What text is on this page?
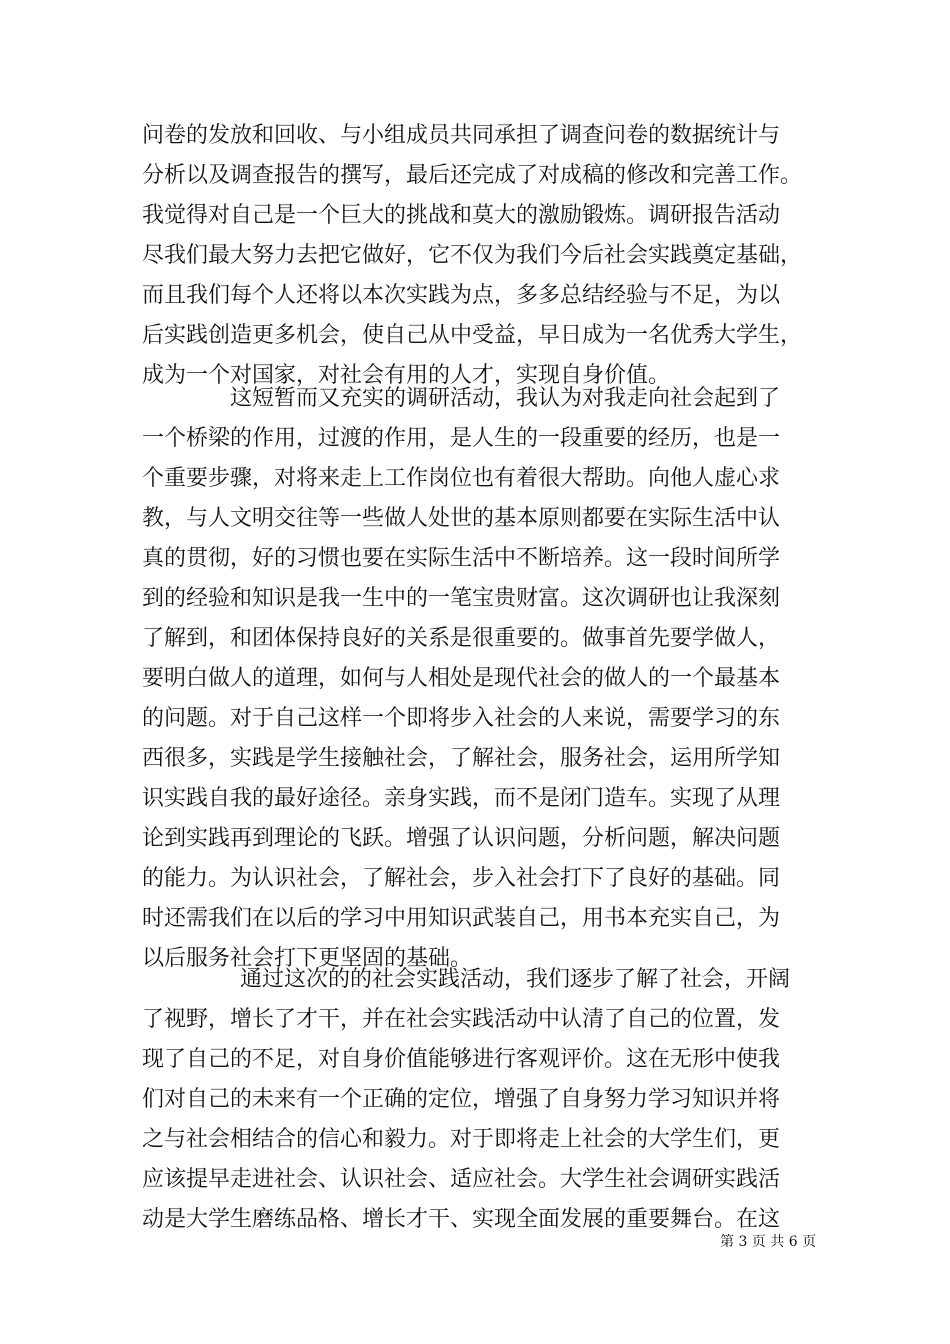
问卷的发放和回收、与小组成员共同承担了调查问卷的数据统计与
分析以及调查报告的撰写，最后还完成了对成稿的修改和完善工作。
我觉得对自己是一个巨大的挑战和莫大的激励锻炼。调研报告活动
尽我们最大努力去把它做好，它不仅为我们今后社会实践奠定基础，
而且我们每个人还将以本次实践为点，多多总结经验与不足，为以
后实践创造更多机会，使自己从中受益，早日成为一名优秀大学生，
成为一个对国家，对社会有用的人才，实现自身价值。
这短暂而又充实的调研活动，我认为对我走向社会起到了
一个桥梁的作用，过渡的作用，是人生的一段重要的经历，也是一
个重要步骤，对将来走上工作岗位也有着很大帮助。向他人虚心求
教，与人文明交往等一些做人处世的基本原则都要在实际生活中认
真的贯彻，好的习惯也要在实际生活中不断培养。这一段时间所学
到的经验和知识是我一生中的一笔宝贵财富。这次调研也让我深刻
了解到，和团体保持良好的关系是很重要的。做事首先要学做人，
要明白做人的道理，如何与人相处是现代社会的做人的一个最基本
的问题。对于自己这样一个即将步入社会的人来说，需要学习的东
西很多，实践是学生接触社会，了解社会，服务社会，运用所学知
识实践自我的最好途径。亲身实践，而不是闭门造车。实现了从理
论到实践再到理论的飞跃。增强了认识问题，分析问题，解决问题
的能力。为认识社会，了解社会，步入社会打下了良好的基础。同
时还需我们在以后的学习中用知识武装自己，用书本充实自己，为
以后服务社会打下更坚固的基础。
通过这次的的社会实践活动，我们逐步了解了社会，开阔
了视野，增长了才干，并在社会实践活动中认清了自己的位置，发
现了自己的不足，对自身价值能够进行客观评价。这在无形中使我
们对自己的未来有一个正确的定位，增强了自身努力学习知识并将
之与社会相结合的信心和毅力。对于即将走上社会的大学生们，更
应该提早走进社会、认识社会、适应社会。大学生社会调研实践活
动是大学生磨练品格、增长才干、实现全面发展的重要舞台。在这
第 3 页 共 6 页
